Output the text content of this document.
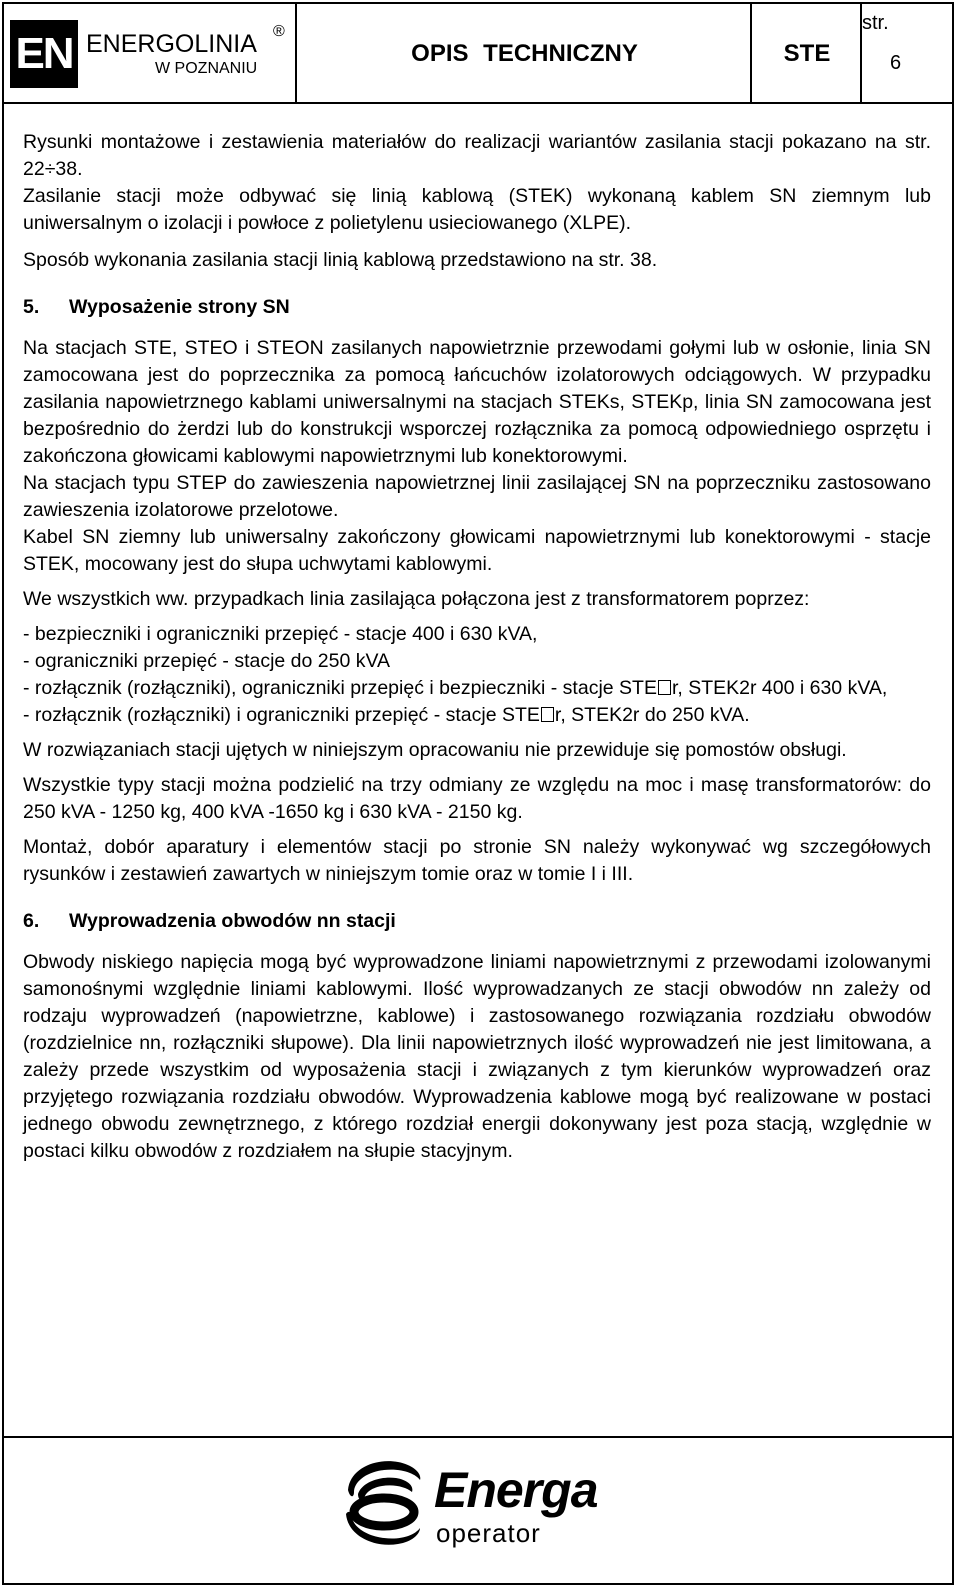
EN ENERGOLINIA ®
W POZNANIU
OPIS TECHNICZNY	STE
str.
6

Rysunki montażowe i zestawienia materiałów do realizacji wariantów zasilania stacji pokazano na str. 22÷38.

Zasilanie stacji może odbywać się linią kablową (STEK) wykonaną kablem SN ziemnym lub uniwersalnym o izolacji i powłoce z polietylenu usieciowanego (XLPE).

Sposób wykonania zasilania stacji linią kablową przedstawiono na str. 38.

5. Wyposażenie strony SN

Na stacjach STE, STEO i STEON zasilanych napowietrznie przewodami gołymi lub w osłonie, linia SN zamocowana jest do poprzecznika za pomocą łańcuchów izolatorowych odciągowych. W przypadku zasilania napowietrznego kablami uniwersalnymi na stacjach STEKs, STEKp, linia SN zamocowana jest bezpośrednio do żerdzi lub do konstrukcji wsporczej rozłącznika za pomocą odpowiedniego osprzętu i zakończona głowicami kablowymi napowietrznymi lub konektorowymi.

Na stacjach typu STEP do zawieszenia napowietrznej linii zasilającej SN na poprzeczniku zastosowano zawieszenia izolatorowe przelotowe.

Kabel SN ziemny lub uniwersalny zakończony głowicami napowietrznymi lub konektorowymi - stacje STEK, mocowany jest do słupa uchwytami kablowymi.

We wszystkich ww. przypadkach linia zasilająca połączona jest z transformatorem poprzez:

- bezpieczniki i ograniczniki przepięć - stacje 400 i 630 kVA,

- ograniczniki przepięć - stacje do 250 kVA

- rozłącznik (rozłączniki), ograniczniki przepięć i bezpieczniki - stacje STE r, STEK2r 400 i 630 kVA,

- rozłącznik (rozłączniki) i ograniczniki przepięć - stacje STE r, STEK2r do 250 kVA.

W rozwiązaniach stacji ujętych w niniejszym opracowaniu nie przewiduje się pomostów obsługi.

Wszystkie typy stacji można podzielić na trzy odmiany ze względu na moc i masę transformatorów: do 250 kVA - 1250 kg, 400 kVA -1650 kg i 630 kVA - 2150 kg.

Montaż, dobór aparatury i elementów stacji po stronie SN należy wykonywać wg szczegółowych rysunków i zestawień zawartych w niniejszym tomie oraz w tomie I i III.

6. Wyprowadzenia obwodów nn stacji

Obwody niskiego napięcia mogą być wyprowadzone liniami napowietrznymi z przewodami izolowanymi samonośnymi względnie liniami kablowymi. Ilość wyprowadzanych ze stacji obwodów nn zależy od rodzaju wyprowadzeń (napowietrzne, kablowe) i zastosowanego rozwiązania rozdziału obwodów (rozdzielnice nn, rozłączniki słupowe). Dla linii napowietrznych ilość wyprowadzeń nie jest limitowana, a zależy przede wszystkim od wyposażenia stacji i związanych z tym kierunków wyprowadzeń oraz przyjętego rozwiązania rozdziału obwodów. Wyprowadzenia kablowe mogą być realizowane w postaci jednego obwodu zewnętrznego, z którego rozdział energii dokonywany jest poza stacją, względnie w postaci kilku obwodów z rozdziałem na słupie stacyjnym.

Energa
operator
